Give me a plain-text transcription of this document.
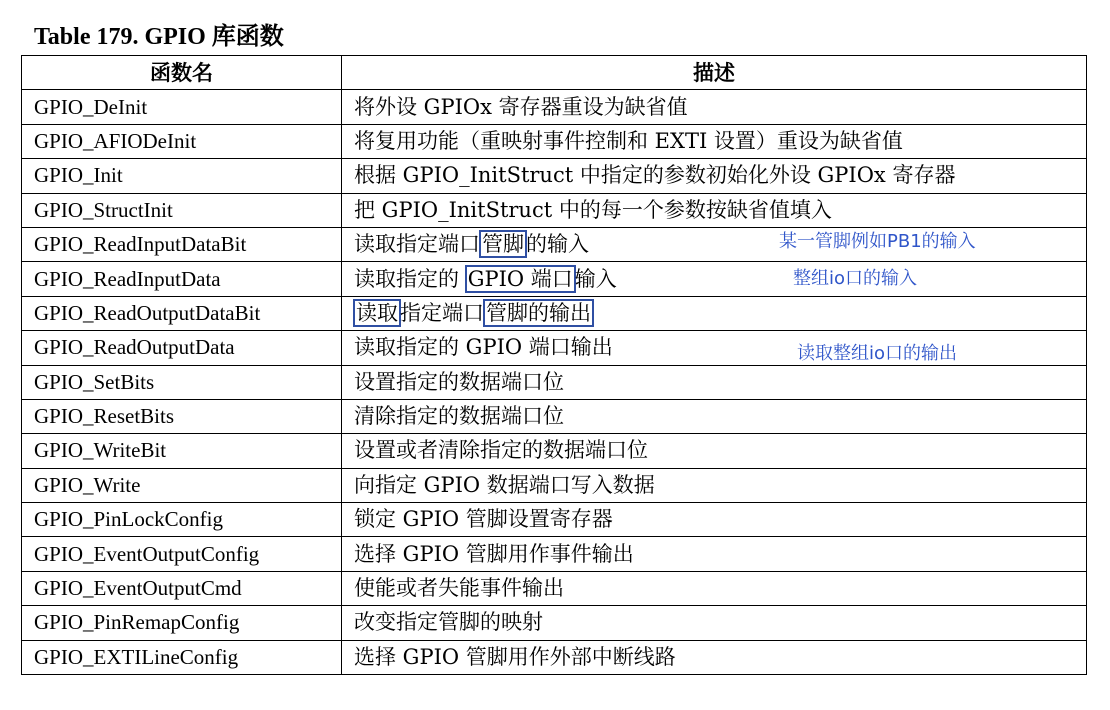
Table 179. GPIO 库函数
函数名	描述
GPIO_DeInit	将外设 GPIOx 寄存器重设为缺省值
GPIO_AFIODeInit	将复用功能（重映射事件控制和 EXTI 设置）重设为缺省值
GPIO_Init	根据 GPIO_InitStruct 中指定的参数初始化外设 GPIOx 寄存器
GPIO_StructInit	把 GPIO_InitStruct 中的每一个参数按缺省值填入
GPIO_ReadInputDataBit	读取指定端口管脚的输入
GPIO_ReadInputData	读取指定的 GPIO 端口输入
GPIO_ReadOutputDataBit	读取指定端口管脚的输出
GPIO_ReadOutputData	读取指定的 GPIO 端口输出
GPIO_SetBits	设置指定的数据端口位
GPIO_ResetBits	清除指定的数据端口位
GPIO_WriteBit	设置或者清除指定的数据端口位
GPIO_Write	向指定 GPIO 数据端口写入数据
GPIO_PinLockConfig	锁定 GPIO 管脚设置寄存器
GPIO_EventOutputConfig	选择 GPIO 管脚用作事件输出
GPIO_EventOutputCmd	使能或者失能事件输出
GPIO_PinRemapConfig	改变指定管脚的映射
GPIO_EXTILineConfig	选择 GPIO 管脚用作外部中断线路
某一管脚例如PB1的输入
整组io口的输入
读取整组io口的输出
